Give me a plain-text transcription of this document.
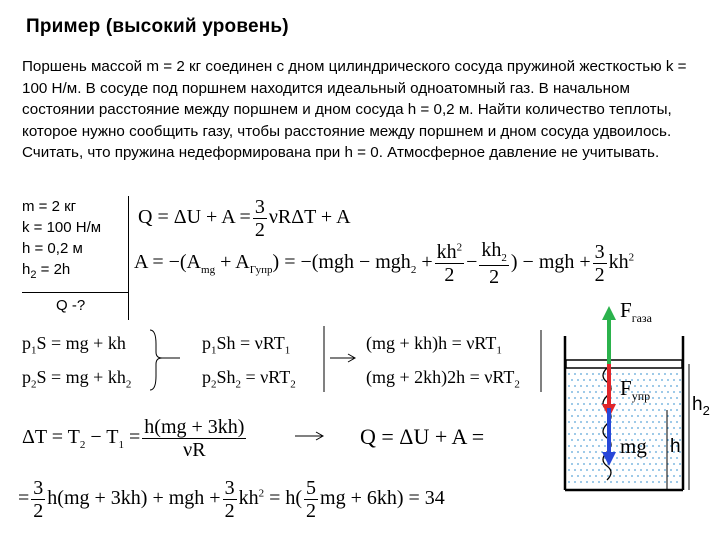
Пример (высокий уровень)
Поршень массой m = 2 кг соединен с дном цилиндрического сосуда пружиной жесткостью k = 100 Н/м. В сосуде под поршнем находится идеальный одноатомный газ. В начальном состоянии расстояние между поршнем и дном сосуда h = 0,2 м. Найти количество теплоты, которое нужно сообщить газу, чтобы расстояние между поршнем и дном сосуда удвоилось. Считать, что пружина недеформирована при h = 0. Атмосферное давление не учитывать.
m = 2 кг
k = 100 Н/м
h = 0,2 м
$h_2 = 2h$
Q -?
$Q = \Delta U + A = \frac{3}{2}$ νRΔT + A
$A = -(A_{mg} + A_{Гупр}) = -(mgh - mgh_2 + \frac{kh^2}{2} - \frac{kh_2}{2}$ ) − mgh + $\frac{3}{2} kh^2$
$p_1S$ = mg + kh
$p_2S$ = mg + $kh_2$
$p_1Sh = \nu RT_1$
$p_2Sh_2 = \nu RT_2$
(mg + kh)h = νRT$_1$
(mg + 2kh)2h = νRT$_2$
$\Delta T = T_2 - T_1 = \frac{h(mg + 3kh)}{\nu R}$	Q = ΔU + A =
= $\frac{3}{2} h(mg + 3kh)$ + mgh + $\frac{3}{2} kh^2 = h( \frac{5}{2}$ mg + 6kh) = 34
$F_{газа}$
$F_{упр}$
mg
$h_2$
h
